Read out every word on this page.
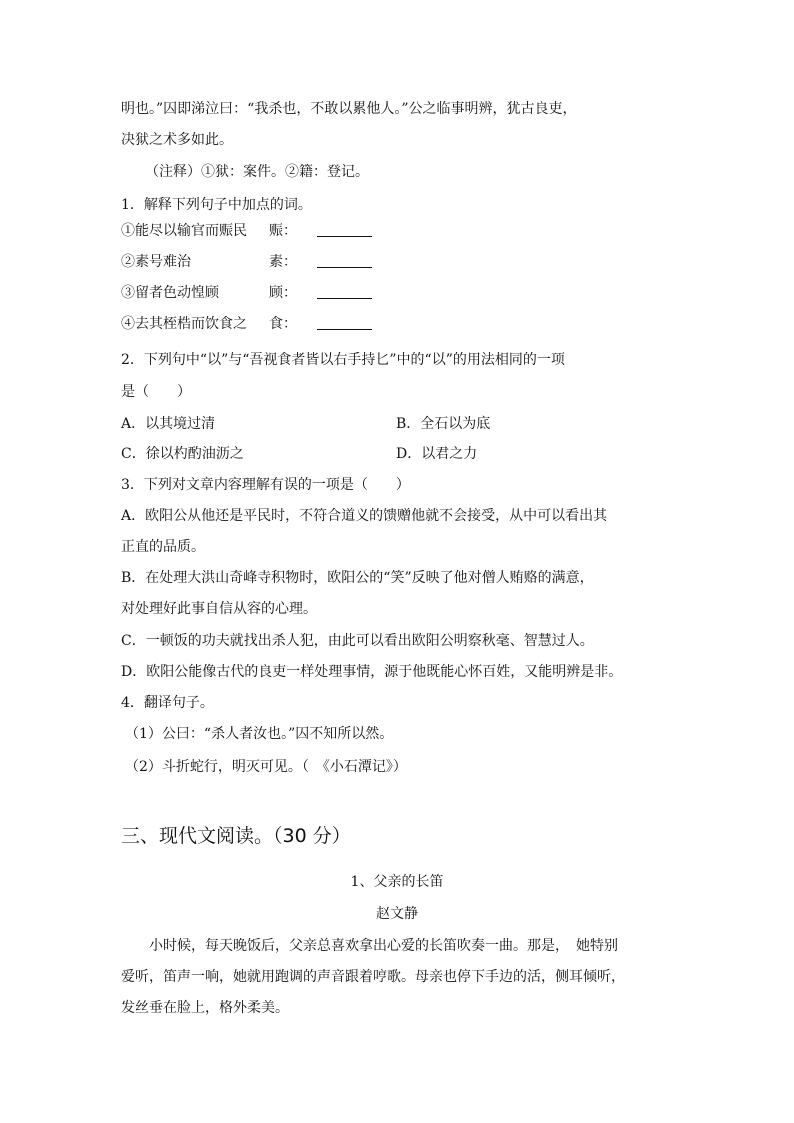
明也。”囚即涕泣曰：“我杀也，不敢以累他人。”公之临事明辨，犹古良吏，
决狱之术多如此。
（注释）①狱：案件。②籍：登记。
1．解释下列句子中加点的词。
①能尽以输官而赈民 赈：
②素号难治	素：
③留者色动惶顾	顾：
④去其桎梏而饮食之 食：
2．下列句中“以”与“吾视食者皆以右手持匕”中的“以”的用法相同的一项
是（　　）
A．以其境过清	B．全石以为底
C．徐以杓酌油沥之	D．以君之力
3．下列对文章内容理解有误的一项是（　　）
A．欧阳公从他还是平民时，不符合道义的馈赠他就不会接受，从中可以看出其
正直的品质。
B．在处理大洪山奇峰寺积物时，欧阳公的“笑”反映了他对僧人贿赂的满意，
对处理好此事自信从容的心理。
C．一顿饭的功夫就找出杀人犯，由此可以看出欧阳公明察秋毫、智慧过人。
D．欧阳公能像古代的良吏一样处理事情，源于他既能心怀百姓，又能明辨是非。
4．翻译句子。
（1）公曰：“杀人者汝也。”囚不知所以然。
（2）斗折蛇行，明灭可见。（　《小石潭记》）
三、现代文阅读。（30 分）
1、父亲的长笛
赵文静
小时候，每天晚饭后，父亲总喜欢拿出心爱的长笛吹奏一曲。那是，　她特别
爱听，笛声一响，她就用跑调的声音跟着哼歌。母亲也停下手边的活，侧耳倾听，
发丝垂在脸上，格外柔美。
